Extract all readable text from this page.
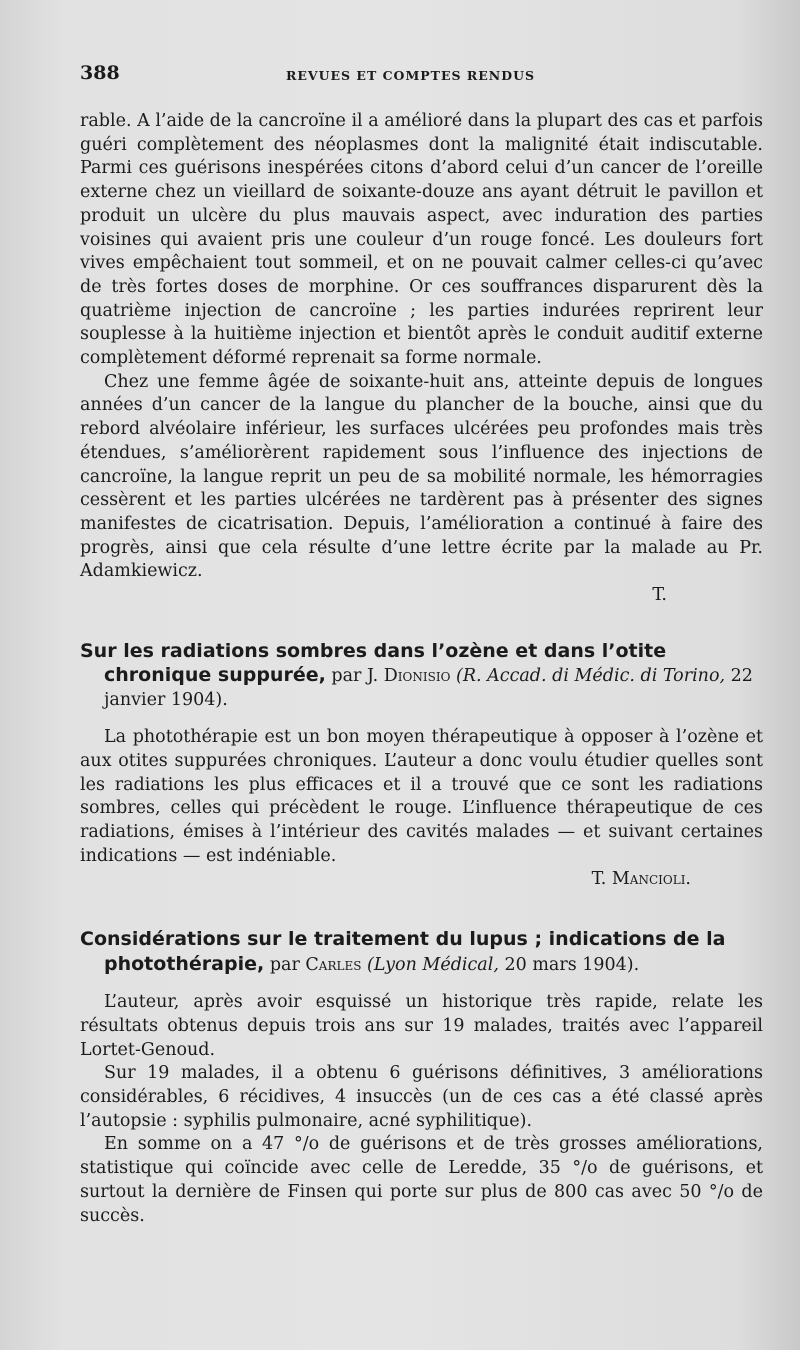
388	REVUES ET COMPTES RENDUS

rable. A l’aide de la cancroïne il a amélioré dans la plupart des cas et parfois guéri complètement des néoplasmes dont la malignité était indiscutable. Parmi ces guérisons inespérées citons d’abord celui d’un cancer de l’oreille externe chez un vieillard de soixante-douze ans ayant détruit le pavillon et produit un ulcère du plus mauvais aspect, avec induration des parties voisines qui avaient pris une couleur d’un rouge foncé. Les douleurs fort vives empêchaient tout sommeil, et on ne pouvait calmer celles-ci qu’avec de très fortes doses de morphine. Or ces souffrances disparurent dès la quatrième injection de cancroïne ; les parties indurées reprirent leur souplesse à la huitième injection et bientôt après le conduit auditif externe complètement déformé reprenait sa forme normale.

Chez une femme âgée de soixante-huit ans, atteinte depuis de longues années d’un cancer de la langue du plancher de la bouche, ainsi que du rebord alvéolaire inférieur, les surfaces ulcérées peu profondes mais très étendues, s’améliorèrent rapidement sous l’influence des injections de cancroïne, la langue reprit un peu de sa mobilité normale, les hémorragies cessèrent et les parties ulcérées ne tardèrent pas à présenter des signes manifestes de cicatrisation. Depuis, l’amélioration a continué à faire des progrès, ainsi que cela résulte d’une lettre écrite par la malade au Pr. Adamkiewicz.

T.
Sur les radiations sombres dans l’ozène et dans l’otite chronique suppurée, par J. Dionisio (R. Accad. di Médic. di Torino, 22 janvier 1904).

La photothérapie est un bon moyen thérapeutique à opposer à l’ozène et aux otites suppurées chroniques. L’auteur a donc voulu étudier quelles sont les radiations les plus efficaces et il a trouvé que ce sont les radiations sombres, celles qui précèdent le rouge. L’influence thérapeutique de ces radiations, émises à l’intérieur des cavités malades — et suivant certaines indications — est indéniable.

T. Mancioli.
Considérations sur le traitement du lupus ; indications de la photothérapie, par Carles (Lyon Médical, 20 mars 1904).

L’auteur, après avoir esquissé un historique très rapide, relate les résultats obtenus depuis trois ans sur 19 malades, traités avec l’appareil Lortet-Genoud.

Sur 19 malades, il a obtenu 6 guérisons définitives, 3 améliorations considérables, 6 récidives, 4 insuccès (un de ces cas a été classé après l’autopsie : syphilis pulmonaire, acné syphilitique).

En somme on a 47 °/o de guérisons et de très grosses améliorations, statistique qui coïncide avec celle de Leredde, 35 °/o de guérisons, et surtout la dernière de Finsen qui porte sur plus de 800 cas avec 50 °/o de succès.
